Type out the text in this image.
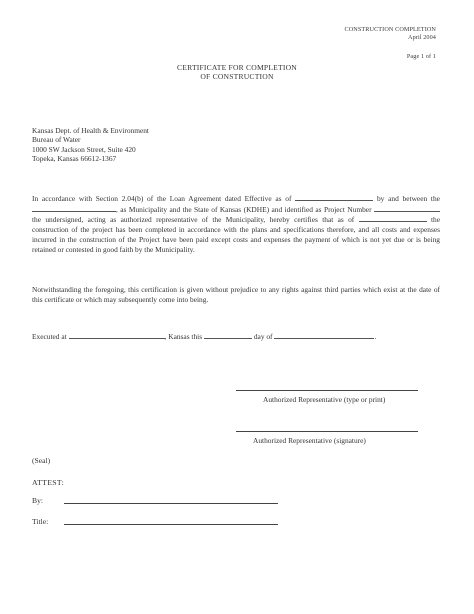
CONSTRUCTION COMPLETION
April 2004
Page 1 of 1
CERTIFICATE FOR COMPLETION
OF CONSTRUCTION
Kansas Dept. of Health & Environment
Bureau of Water
1000 SW Jackson Street, Suite 420
Topeka, Kansas 66612-1367
In accordance with Section 2.04(b) of the Loan Agreement dated Effective as of	by and between the , as Municipality and the State of Kansas (KDHE) and identified as Project Number  the undersigned, acting as authorized representative of the Municipality, hereby certifies that as of	the construction of the project has been completed in accordance with the plans and specifications therefore, and all costs and expenses incurred in the construction of the Project have been paid except costs and expenses the payment of which is not yet due or is being retained or contested in good faith by the Municipality.
Notwithstanding the foregoing, this certification is given without prejudice to any rights against third parties which exist at the date of this certificate or which may subsequently come into being.
Executed at	, Kansas this	day of	.
Authorized Representative (type or print)
Authorized Representative (signature)
(Seal)
ATTEST:
By:
Title:
